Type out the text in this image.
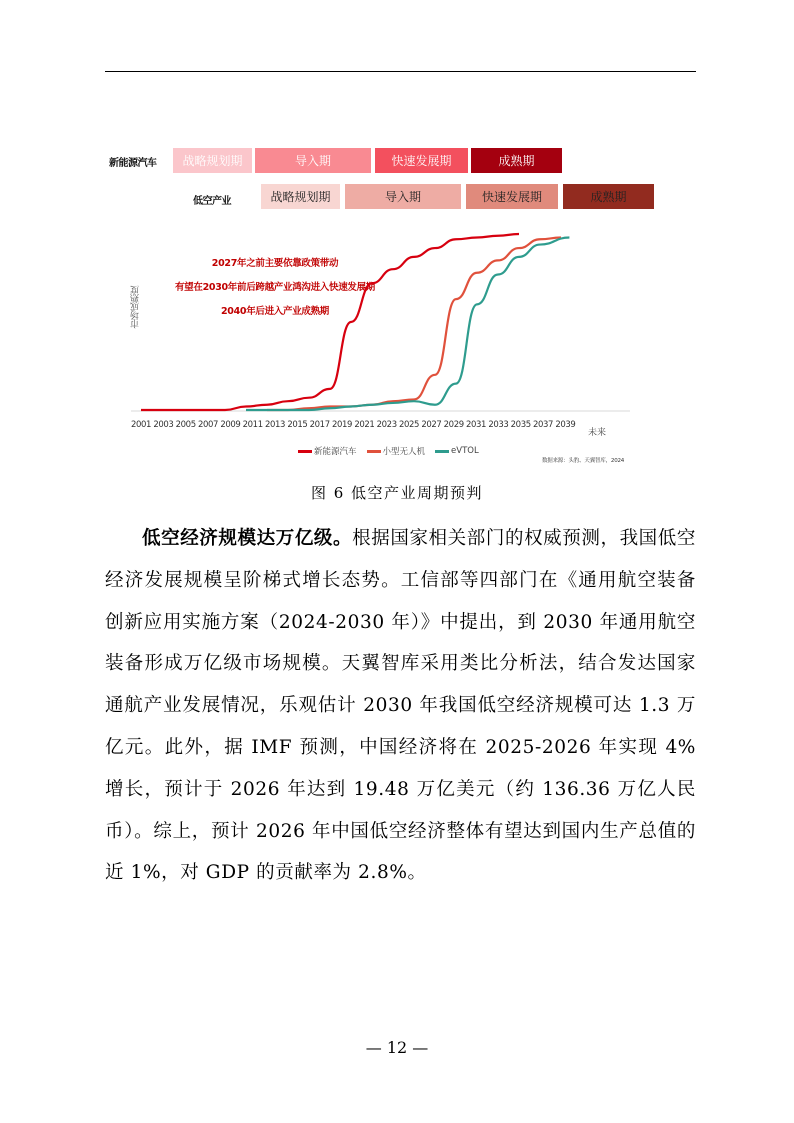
新能源汽车	战略规划期	导入期	快速发展期	成熟期
低空产业	战略规划期	导入期	快速发展期	成熟期
市场成熟度
2027年之前主要依靠政策带动
有望在2030年前后跨越产业鸿沟进入快速发展期
2040年后进入产业成熟期
2001 2003 2005 2007 2009 2011 2013 2015 2017 2019 2021 2023 2025 2027 2029 2031 2033 2035 2037 2039
未来
新能源汽车	小型无人机	eVTOL
数据来源：头豹、天翼智库，2024
图 6 低空产业周期预判
低空经济规模达万亿级。根据国家相关部门的权威预测，我国低空经济发展规模呈阶梯式增长态势。工信部等四部门在《通用航空装备创新应用实施方案（2024-2030 年）》中提出，到 2030 年通用航空装备形成万亿级市场规模。天翼智库采用类比分析法，结合发达国家通航产业发展情况，乐观估计 2030 年我国低空经济规模可达 1.3 万亿元。此外，据 IMF 预测，中国经济将在 2025-2026 年实现 4%增长，预计于 2026 年达到 19.48 万亿美元（约 136.36 万亿人民币）。综上，预计 2026 年中国低空经济整体有望达到国内生产总值的近 1%，对 GDP 的贡献率为 2.8%。
— 12 —
